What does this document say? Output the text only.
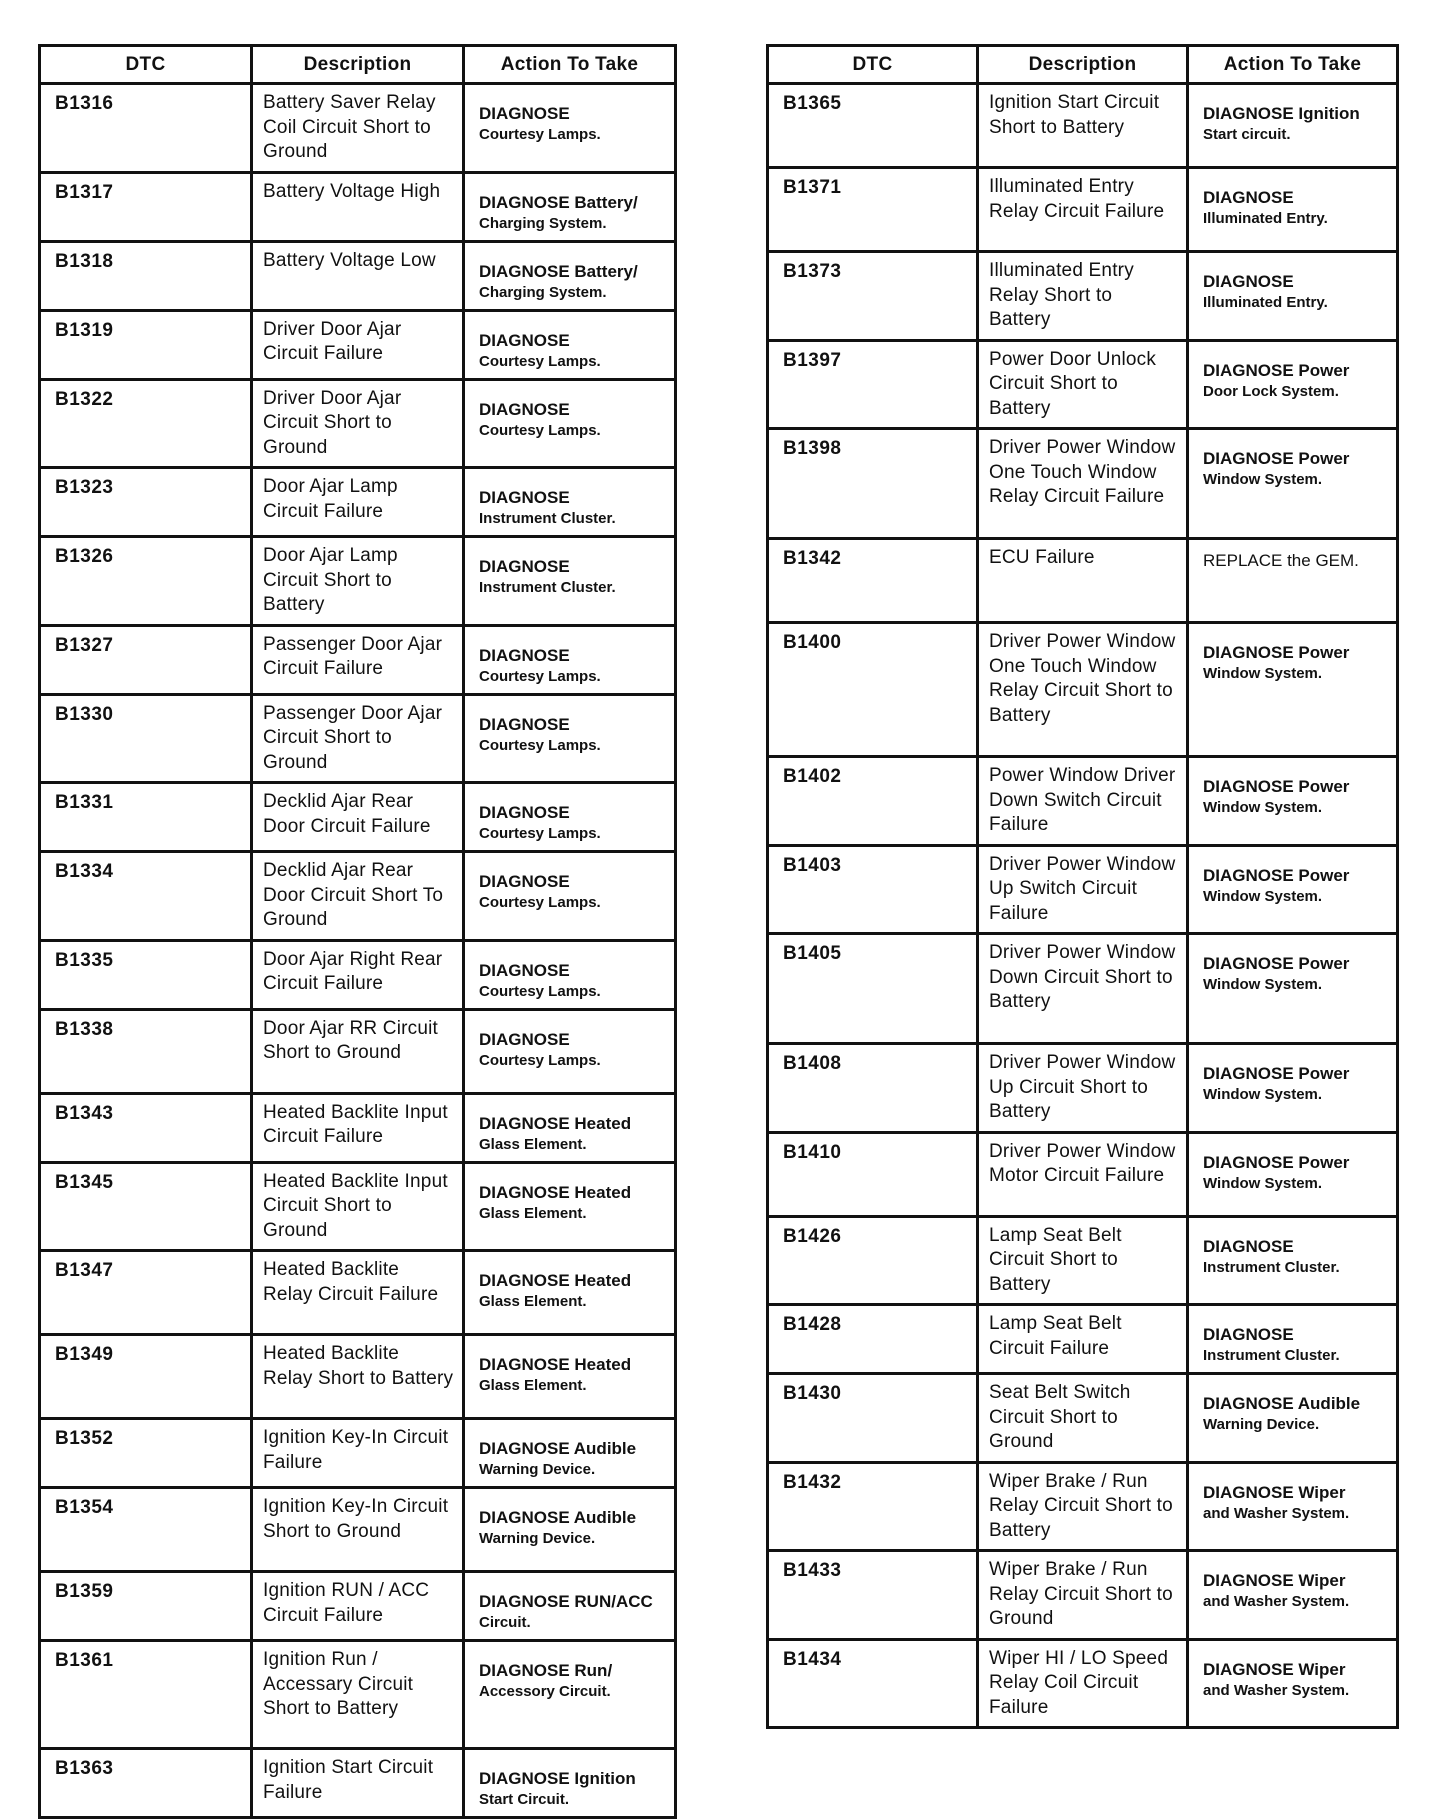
DTC	Description	Action To Take
B1316	Battery Saver Relay Coil Circuit Short to Ground	DIAGNOSE
Courtesy Lamps.

B1317	Battery Voltage High	DIAGNOSE Battery/
Charging System.

B1318	Battery Voltage Low	DIAGNOSE Battery/
Charging System.

B1319	Driver Door Ajar Circuit Failure	DIAGNOSE
Courtesy Lamps.

B1322	Driver Door Ajar Circuit Short to Ground	DIAGNOSE
Courtesy Lamps.

B1323	Door Ajar Lamp Circuit Failure	DIAGNOSE
Instrument Cluster.

B1326	Door Ajar Lamp Circuit Short to Battery	DIAGNOSE
Instrument Cluster.

B1327	Passenger Door Ajar Circuit Failure	DIAGNOSE
Courtesy Lamps.

B1330	Passenger Door Ajar Circuit Short to Ground	DIAGNOSE
Courtesy Lamps.

B1331	Decklid Ajar Rear Door Circuit Failure	DIAGNOSE
Courtesy Lamps.

B1334	Decklid Ajar Rear Door Circuit Short To Ground	DIAGNOSE
Courtesy Lamps.

B1335	Door Ajar Right Rear Circuit Failure	DIAGNOSE
Courtesy Lamps.

B1338	Door Ajar RR Circuit Short to Ground	DIAGNOSE
Courtesy Lamps.

B1343	Heated Backlite Input Circuit Failure	DIAGNOSE Heated
Glass Element.

B1345	Heated Backlite Input Circuit Short to Ground	DIAGNOSE Heated
Glass Element.

B1347	Heated Backlite Relay Circuit Failure	DIAGNOSE Heated
Glass Element.

B1349	Heated Backlite Relay Short to Battery	DIAGNOSE Heated
Glass Element.

B1352	Ignition Key-In Circuit Failure	DIAGNOSE Audible
Warning Device.

B1354	Ignition Key-In Circuit Short to Ground	DIAGNOSE Audible
Warning Device.

B1359	Ignition RUN / ACC Circuit Failure	DIAGNOSE RUN/ACC
Circuit.

B1361	Ignition Run / Accessary Circuit Short to Battery	DIAGNOSE Run/
Accessory Circuit.

B1363	Ignition Start Circuit Failure	DIAGNOSE Ignition
Start Circuit.
DTC	Description	Action To Take
B1365	Ignition Start Circuit Short to Battery	DIAGNOSE Ignition
Start circuit.

B1371	Illuminated Entry Relay Circuit Failure	DIAGNOSE
Illuminated Entry.

B1373	Illuminated Entry Relay Short to Battery	DIAGNOSE
Illuminated Entry.

B1397	Power Door Unlock Circuit Short to Battery	DIAGNOSE Power
Door Lock System.

B1398	Driver Power Window One Touch Window Relay Circuit Failure	DIAGNOSE Power
Window System.

B1342	ECU Failure	REPLACE the GEM.

B1400	Driver Power Window One Touch Window Relay Circuit Short to Battery	DIAGNOSE Power
Window System.

B1402	Power Window Driver Down Switch Circuit Failure	DIAGNOSE Power
Window System.

B1403	Driver Power Window Up Switch Circuit Failure	DIAGNOSE Power
Window System.

B1405	Driver Power Window Down Circuit Short to Battery	DIAGNOSE Power
Window System.

B1408	Driver Power Window Up Circuit Short to Battery	DIAGNOSE Power
Window System.

B1410	Driver Power Window Motor Circuit Failure	DIAGNOSE Power
Window System.

B1426	Lamp Seat Belt Circuit Short to Battery	DIAGNOSE
Instrument Cluster.

B1428	Lamp Seat Belt Circuit Failure	DIAGNOSE
Instrument Cluster.

B1430	Seat Belt Switch Circuit Short to Ground	DIAGNOSE Audible
Warning Device.

B1432	Wiper Brake / Run Relay Circuit Short to Battery	DIAGNOSE Wiper
and Washer System.

B1433	Wiper Brake / Run Relay Circuit Short to Ground	DIAGNOSE Wiper
and Washer System.

B1434	Wiper HI / LO Speed Relay Coil Circuit Failure	DIAGNOSE Wiper
and Washer System.
